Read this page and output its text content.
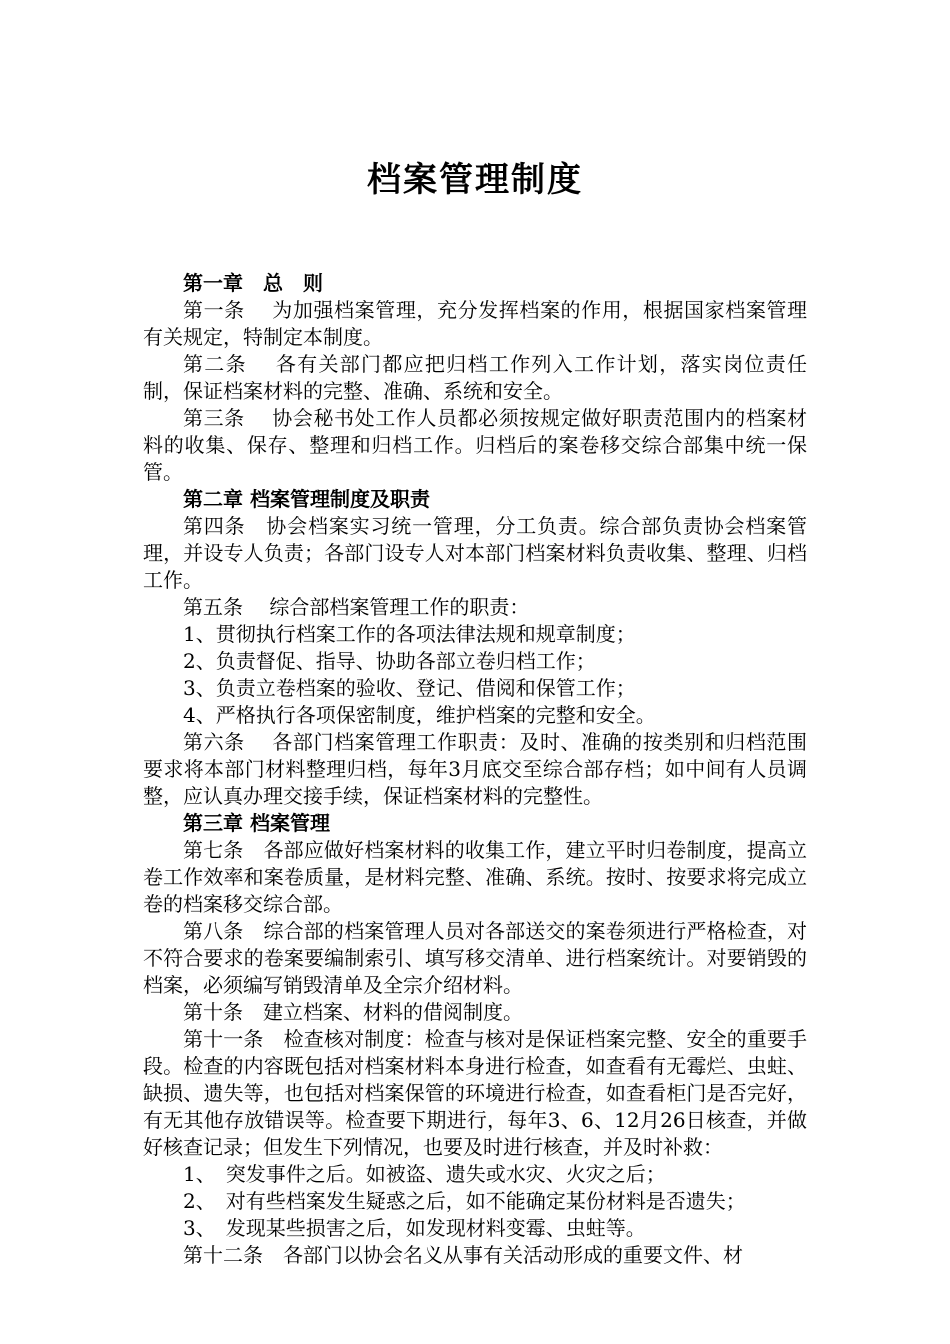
档案管理制度

第一章　总　则

第一条　 为加强档案管理，充分发挥档案的作用，根据国家档案管理有关规定，特制定本制度。

第二条　 各有关部门都应把归档工作列入工作计划，落实岗位责任制，保证档案材料的完整、准确、系统和安全。

第三条　 协会秘书处工作人员都必须按规定做好职责范围内的档案材料的收集、保存、整理和归档工作。归档后的案卷移交综合部集中统一保管。

第二章 档案管理制度及职责

第四条　协会档案实习统一管理，分工负责。综合部负责协会档案管理，并设专人负责；各部门设专人对本部门档案材料负责收集、整理、归档工作。

第五条　 综合部档案管理工作的职责：

1、贯彻执行档案工作的各项法律法规和规章制度；

2、负责督促、指导、协助各部立卷归档工作；

3、负责立卷档案的验收、登记、借阅和保管工作；

4、严格执行各项保密制度，维护档案的完整和安全。

第六条　 各部门档案管理工作职责：及时、准确的按类别和归档范围要求将本部门材料整理归档，每年3月底交至综合部存档；如中间有人员调整，应认真办理交接手续，保证档案材料的完整性。

第三章 档案管理

第七条　各部应做好档案材料的收集工作，建立平时归卷制度，提高立卷工作效率和案卷质量，是材料完整、准确、系统。按时、按要求将完成立卷的档案移交综合部。

第八条　综合部的档案管理人员对各部送交的案卷须进行严格检查，对不符合要求的卷案要编制索引、填写移交清单、进行档案统计。对要销毁的档案，必须编写销毁清单及全宗介绍材料。

第十条　建立档案、材料的借阅制度。

第十一条　检查核对制度：检查与核对是保证档案完整、安全的重要手段。检查的内容既包括对档案材料本身进行检查，如查看有无霉烂、虫蛀、缺损、遗失等，也包括对档案保管的环境进行检查，如查看柜门是否完好，有无其他存放错误等。检查要下期进行，每年3、6、12月26日核查，并做好核查记录；但发生下列情况，也要及时进行核查，并及时补救：

1、　突发事件之后。如被盗、遗失或水灾、火灾之后；

2、　对有些档案发生疑惑之后，如不能确定某份材料是否遗失；

3、　发现某些损害之后，如发现材料变霉、虫蛀等。

第十二条　各部门以协会名义从事有关活动形成的重要文件、材
